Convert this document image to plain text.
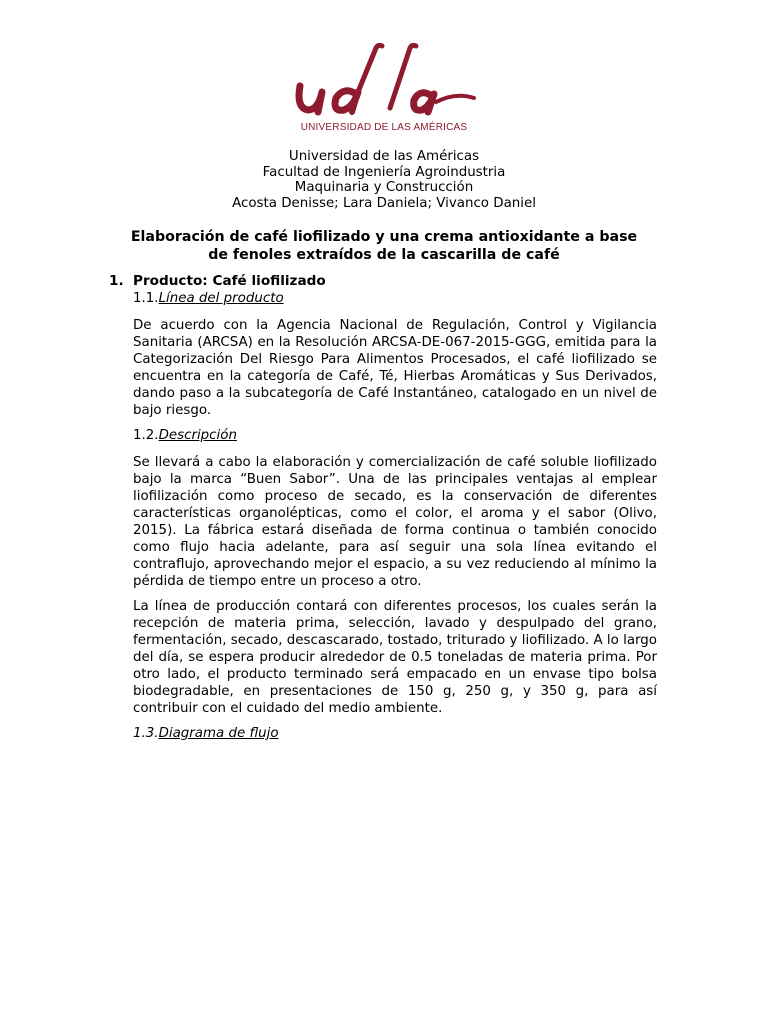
UNIVERSIDAD DE LAS AMÉRICAS
Universidad de las Américas
Facultad de Ingeniería Agroindustria
Maquinaria y Construcción
Acosta Denisse; Lara Daniela; Vivanco Daniel
Elaboración de café liofilizado y una crema antioxidante a base de fenoles extraídos de la cascarilla de café
1. Producto: Café liofilizado
1.1.Línea del producto

De acuerdo con la Agencia Nacional de Regulación, Control y Vigilancia Sanitaria (ARCSA) en la Resolución ARCSA-DE-067-2015-GGG, emitida para la Categorización Del Riesgo Para Alimentos Procesados, el café liofilizado se encuentra en la categoría de Café, Té, Hierbas Aromáticas y Sus Derivados, dando paso a la subcategoría de Café Instantáneo, catalogado en un nivel de bajo riesgo.

1.2.Descripción

Se llevará a cabo la elaboración y comercialización de café soluble liofilizado bajo la marca “Buen Sabor”. Una de las principales ventajas al emplear liofilización como proceso de secado, es la conservación de diferentes características organolépticas, como el color, el aroma y el sabor (Olivo, 2015). La fábrica estará diseñada de forma continua o también conocido como flujo hacia adelante, para así seguir una sola línea evitando el contraflujo, aprovechando mejor el espacio, a su vez reduciendo al mínimo la pérdida de tiempo entre un proceso a otro.

La línea de producción contará con diferentes procesos, los cuales serán la recepción de materia prima, selección, lavado y despulpado del grano, fermentación, secado, descascarado, tostado, triturado y liofilizado. A lo largo del día, se espera producir alrededor de 0.5 toneladas de materia prima. Por otro lado, el producto terminado será empacado en un envase tipo bolsa biodegradable, en presentaciones de 150 g, 250 g, y 350 g, para así contribuir con el cuidado del medio ambiente.

1.3.Diagrama de flujo
